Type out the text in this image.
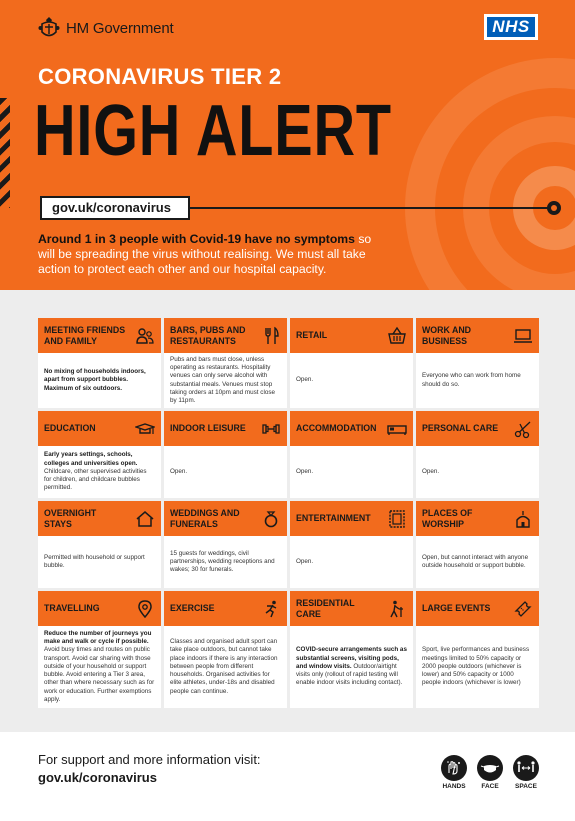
HM Government	NHS
CORONAVIRUS TIER 2
HIGH ALERT
gov.uk/coronavirus
Around 1 in 3 people with Covid-19 have no symptoms so will be spreading the virus without realising. We must all take action to protect each other and our hospital capacity.
MEETING FRIENDS AND FAMILY

No mixing of households indoors, apart from support bubbles. Maximum of six outdoors.

BARS, PUBS AND RESTAURANTS

Pubs and bars must close, unless operating as restaurants. Hospitality venues can only serve alcohol with substantial meals. Venues must stop taking orders at 10pm and must close by 11pm.

RETAIL

Open.

WORK AND BUSINESS

Everyone who can work from home should do so.

EDUCATION

Early years settings, schools, colleges and universities open. Childcare, other supervised activities for children, and childcare bubbles permitted.

INDOOR LEISURE

Open.

ACCOMMODATION

Open.

PERSONAL CARE

Open.

OVERNIGHT STAYS

Permitted with household or support bubble.

WEDDINGS AND FUNERALS

15 guests for weddings, civil partnerships, wedding receptions and wakes; 30 for funerals.

ENTERTAINMENT

Open.

PLACES OF WORSHIP

Open, but cannot interact with anyone outside household or support bubble.

TRAVELLING

Reduce the number of journeys you make and walk or cycle if possible. Avoid busy times and routes on public transport. Avoid car sharing with those outside of your household or support bubble. Avoid entering a Tier 3 area, other than where necessary such as for work or education. Further exemptions apply.

EXERCISE

Classes and organised adult sport can take place outdoors, but cannot take place indoors if there is any interaction between people from different households. Organised activities for elite athletes, under-18s and disabled people can continue.

RESIDENTIAL CARE

COVID-secure arrangements such as substantial screens, visiting pods, and window visits. Outdoor/airtight visits only (rollout of rapid testing will enable indoor visits including contact).

LARGE EVENTS

Sport, live performances and business meetings limited to 50% capacity or 2000 people outdoors (whichever is lower) and 50% capacity or 1000 people indoors (whichever is lower)

For support and more information visit:
gov.uk/coronavirus
HANDS	FACE	SPACE
